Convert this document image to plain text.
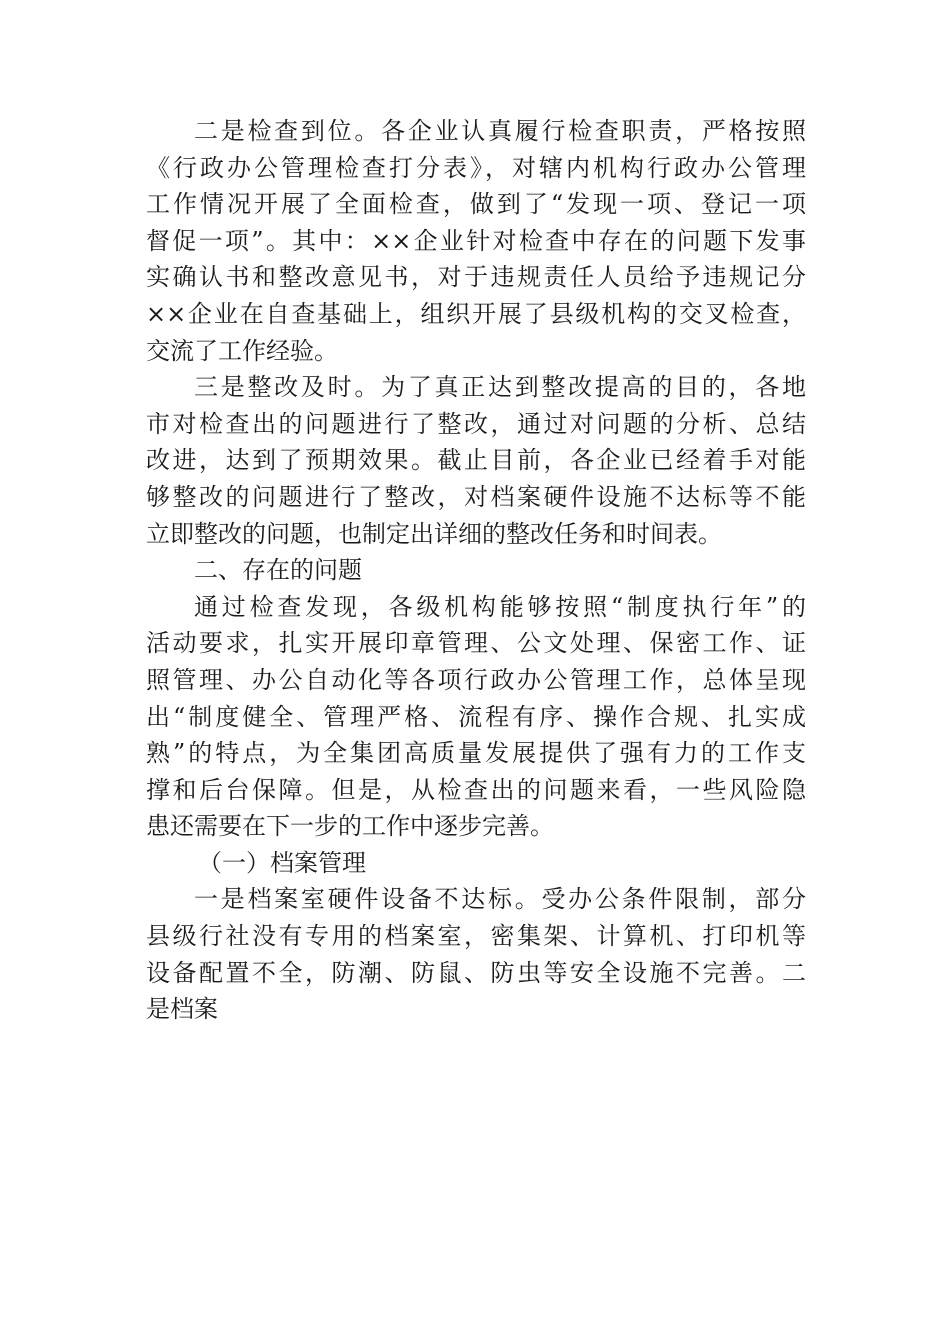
二是检查到位。各企业认真履行检查职责，严格按照
《行政办公管理检查打分表》，对辖内机构行政办公管理
工作情况开展了全面检查，做到了“发现一项、登记一项
督促一项”。其中：××企业针对检查中存在的问题下发事
实确认书和整改意见书，对于违规责任人员给予违规记分
××企业在自查基础上，组织开展了县级机构的交叉检查，
交流了工作经验。
三是整改及时。为了真正达到整改提高的目的，各地
市对检查出的问题进行了整改，通过对问题的分析、总结
改进，达到了预期效果。截止目前，各企业已经着手对能
够整改的问题进行了整改，对档案硬件设施不达标等不能
立即整改的问题，也制定出详细的整改任务和时间表。
二、存在的问题
通过检查发现，各级机构能够按照“制度执行年”的
活动要求，扎实开展印章管理、公文处理、保密工作、证
照管理、办公自动化等各项行政办公管理工作，总体呈现
出“制度健全、管理严格、流程有序、操作合规、扎实成
熟”的特点，为全集团高质量发展提供了强有力的工作支
撑和后台保障。但是，从检查出的问题来看，一些风险隐
患还需要在下一步的工作中逐步完善。
（一）档案管理
一是档案室硬件设备不达标。受办公条件限制，部分
县级行社没有专用的档案室，密集架、计算机、打印机等
设备配置不全，防潮、防鼠、防虫等安全设施不完善。二
是档案
